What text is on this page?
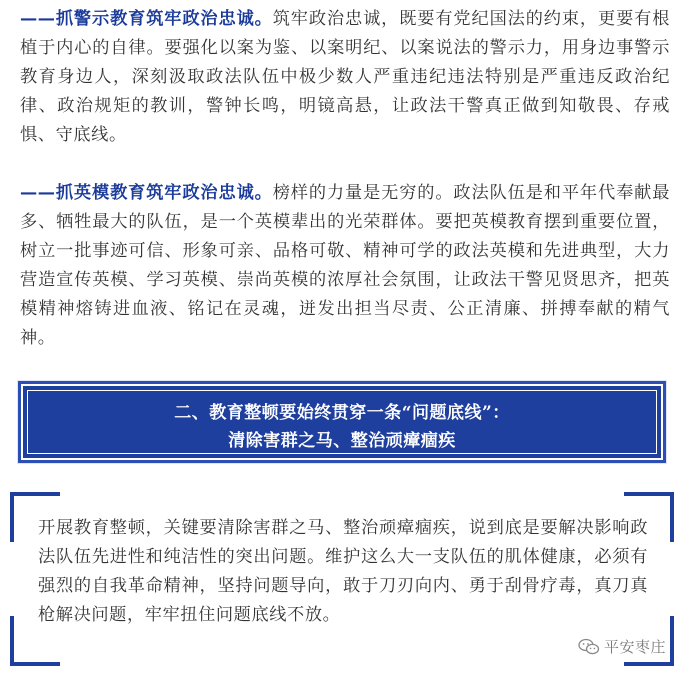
——抓警示教育筑牢政治忠诚。筑牢政治忠诚，既要有党纪国法的约束，更要有根植于内心的自律。要强化以案为鉴、以案明纪、以案说法的警示力，用身边事警示教育身边人，深刻汲取政法队伍中极少数人严重违纪违法特别是严重违反政治纪律、政治规矩的教训，警钟长鸣，明镜高悬，让政法干警真正做到知敬畏、存戒惧、守底线。

——抓英模教育筑牢政治忠诚。榜样的力量是无穷的。政法队伍是和平年代奉献最多、牺牲最大的队伍，是一个英模辈出的光荣群体。要把英模教育摆到重要位置，树立一批事迹可信、形象可亲、品格可敬、精神可学的政法英模和先进典型，大力营造宣传英模、学习英模、崇尚英模的浓厚社会氛围，让政法干警见贤思齐，把英模精神熔铸进血液、铭记在灵魂，迸发出担当尽责、公正清廉、拼搏奉献的精气神。

二、教育整顿要始终贯穿一条“问题底线”：
清除害群之马、整治顽瘴痼疾
开展教育整顿，关键要清除害群之马、整治顽瘴痼疾，说到底是要解决影响政法队伍先进性和纯洁性的突出问题。维护这么大一支队伍的肌体健康，必须有强烈的自我革命精神，坚持问题导向，敢于刀刃向内、勇于刮骨疗毒，真刀真枪解决问题，牢牢扭住问题底线不放。
平安枣庄
